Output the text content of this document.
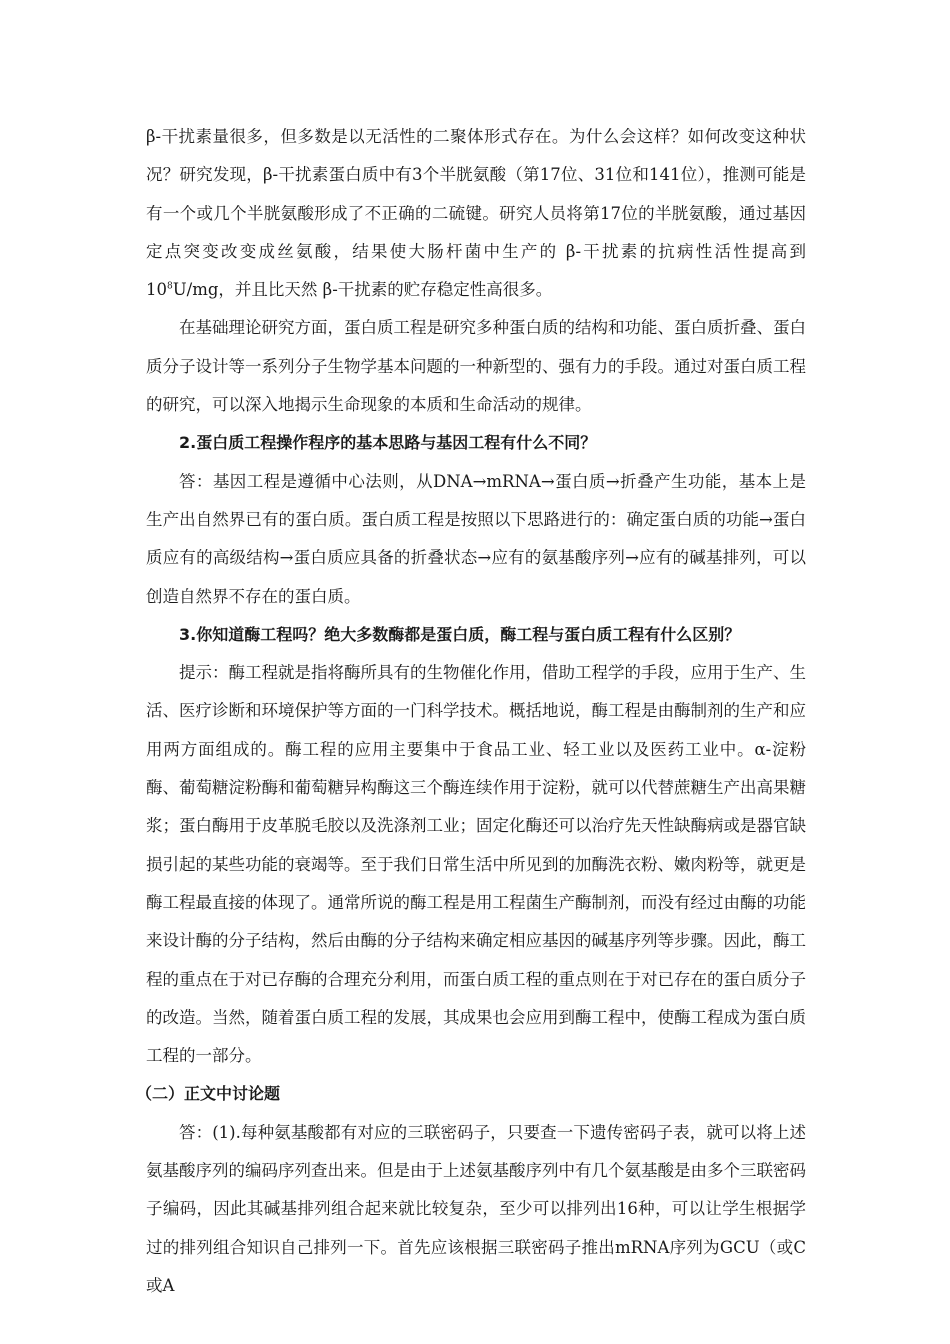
β-干扰素量很多，但多数是以无活性的二聚体形式存在。为什么会这样？如何改变这种状况？研究发现，β-干扰素蛋白质中有3个半胱氨酸（第17位、31位和141位），推测可能是有一个或几个半胱氨酸形成了不正确的二硫键。研究人员将第17位的半胱氨酸，通过基因定点突变改变成丝氨酸，结果使大肠杆菌中生产的 β-干扰素的抗病性活性提高到 $10^8U/mg$，并且比天然 β-干扰素的贮存稳定性高很多。

在基础理论研究方面，蛋白质工程是研究多种蛋白质的结构和功能、蛋白质折叠、蛋白质分子设计等一系列分子生物学基本问题的一种新型的、强有力的手段。通过对蛋白质工程的研究，可以深入地揭示生命现象的本质和生命活动的规律。

2.蛋白质工程操作程序的基本思路与基因工程有什么不同？

答：基因工程是遵循中心法则，从DNA→mRNA→蛋白质→折叠产生功能，基本上是生产出自然界已有的蛋白质。蛋白质工程是按照以下思路进行的：确定蛋白质的功能→蛋白质应有的高级结构→蛋白质应具备的折叠状态→应有的氨基酸序列→应有的碱基排列，可以创造自然界不存在的蛋白质。

3.你知道酶工程吗？绝大多数酶都是蛋白质，酶工程与蛋白质工程有什么区别？

提示：酶工程就是指将酶所具有的生物催化作用，借助工程学的手段，应用于生产、生活、医疗诊断和环境保护等方面的一门科学技术。概括地说，酶工程是由酶制剂的生产和应用两方面组成的。酶工程的应用主要集中于食品工业、轻工业以及医药工业中。α-淀粉酶、葡萄糖淀粉酶和葡萄糖异构酶这三个酶连续作用于淀粉，就可以代替蔗糖生产出高果糖浆；蛋白酶用于皮革脱毛胶以及洗涤剂工业；固定化酶还可以治疗先天性缺酶病或是器官缺损引起的某些功能的衰竭等。至于我们日常生活中所见到的加酶洗衣粉、嫩肉粉等，就更是酶工程最直接的体现了。通常所说的酶工程是用工程菌生产酶制剂，而没有经过由酶的功能来设计酶的分子结构，然后由酶的分子结构来确定相应基因的碱基序列等步骤。因此，酶工程的重点在于对已存酶的合理充分利用，而蛋白质工程的重点则在于对已存在的蛋白质分子的改造。当然，随着蛋白质工程的发展，其成果也会应用到酶工程中，使酶工程成为蛋白质工程的一部分。

（二）正文中讨论题

答：(1).每种氨基酸都有对应的三联密码子，只要查一下遗传密码子表，就可以将上述氨基酸序列的编码序列查出来。但是由于上述氨基酸序列中有几个氨基酸是由多个三联密码子编码，因此其碱基排列组合起来就比较复杂，至少可以排列出16种，可以让学生根据学过的排列组合知识自己排列一下。首先应该根据三联密码子推出mRNA序列为GCU（或C或A
